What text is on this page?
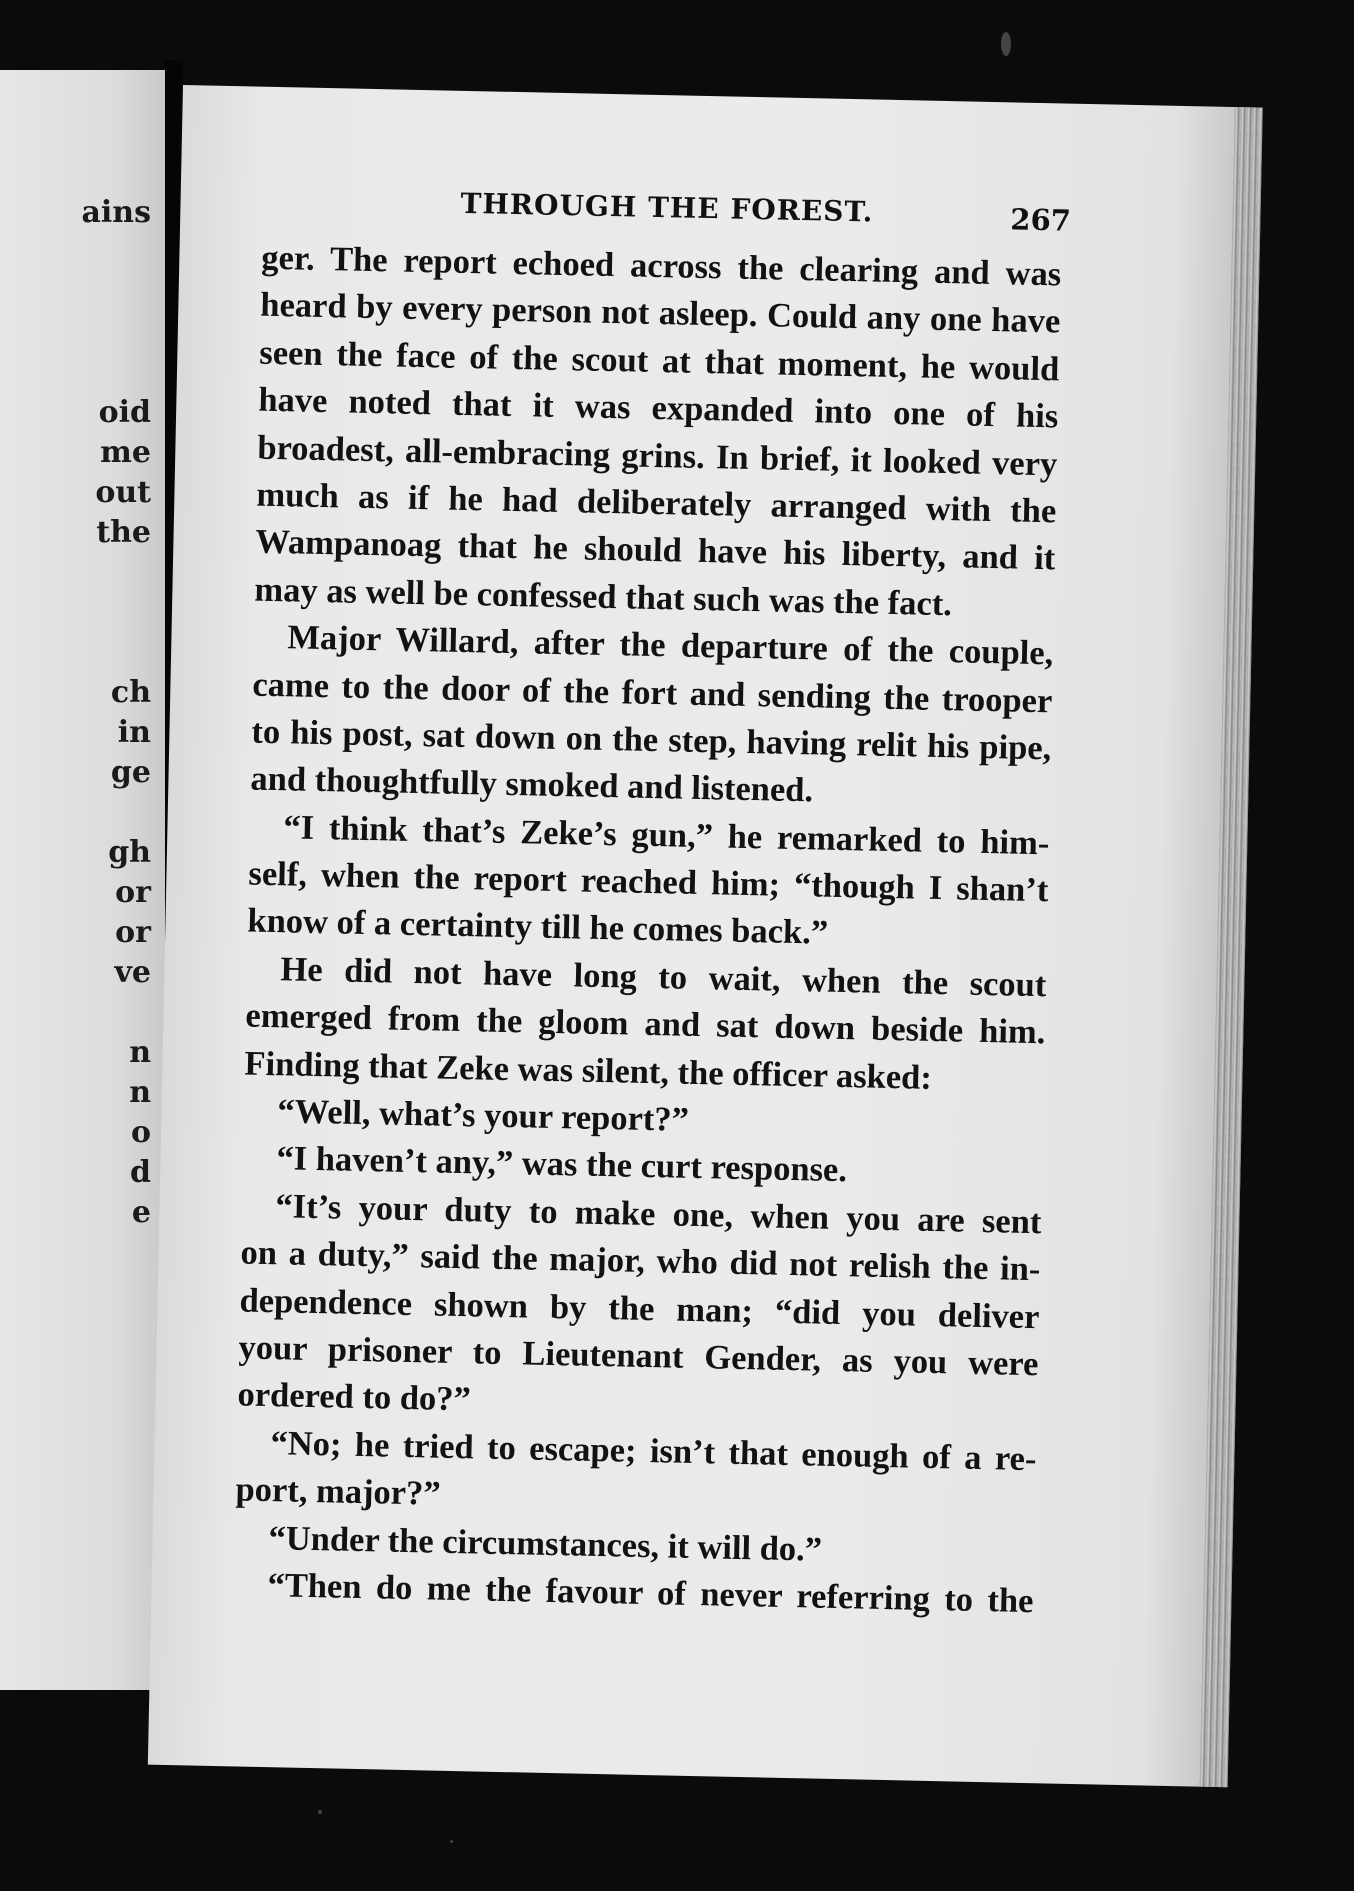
ains
oid
me
out
the
ch
in
ge
gh
or
or
ve
n
n
o
d
e
THROUGH THE FOREST.	267
ger. The report echoed across the clearing and was
heard by every person not asleep. Could any one have
seen the face of the scout at that moment, he would
have noted that it was expanded into one of his
broadest, all-embracing grins. In brief, it looked very
much as if he had deliberately arranged with the
Wampanoag that he should have his liberty, and it
may as well be confessed that such was the fact.
Major Willard, after the departure of the couple,
came to the door of the fort and sending the trooper
to his post, sat down on the step, having relit his pipe,
and thoughtfully smoked and listened.
“I think that’s Zeke’s gun,” he remarked to him-
self, when the report reached him; “though I shan’t
know of a certainty till he comes back.”
He did not have long to wait, when the scout
emerged from the gloom and sat down beside him.
Finding that Zeke was silent, the officer asked:
“Well, what’s your report?”
“I haven’t any,” was the curt response.
“It’s your duty to make one, when you are sent
on a duty,” said the major, who did not relish the in-
dependence shown by the man; “did you deliver
your prisoner to Lieutenant Gender, as you were
ordered to do?”
“No; he tried to escape; isn’t that enough of a re-
port, major?”
“Under the circumstances, it will do.”
“Then do me the favour of never referring to the
